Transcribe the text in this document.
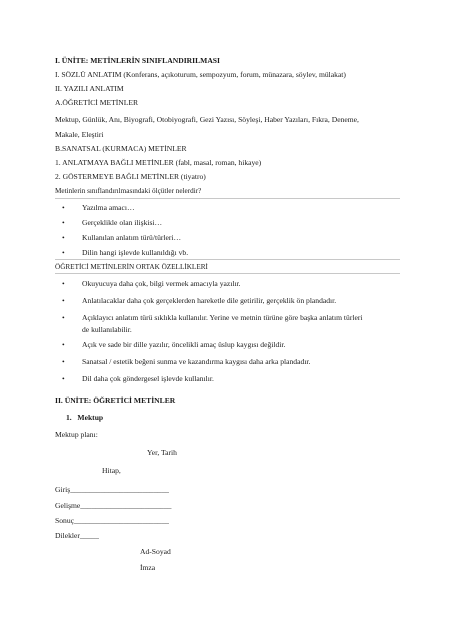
I. ÜNİTE: METİNLERİN SINIFLANDIRILMASI
I. SÖZLÜ ANLATIM (Konferans, açıkoturum, sempozyum, forum, münazara, söylev, mülakat)
II. YAZILI ANLATIM
A.ÖĞRETİCİ METİNLER
Mektup, Günlük, Anı, Biyografi, Otobiyografi, Gezi Yazısı, Söyleşi, Haber Yazıları, Fıkra, Deneme,
Makale, Eleştiri
B.SANATSAL (KURMACA) METİNLER
1. ANLATMAYA BAĞLI METİNLER (fabl, masal, roman, hikaye)
2. GÖSTERMEYE BAĞLI METİNLER (tiyatro)
Metinlerin sınıflandırılmasındaki ölçütler nelerdir?
• Yazılma amacı…
• Gerçeklikle olan ilişkisi…
• Kullanılan anlatım türü/türleri…
• Dilin hangi işlevde kullanıldığı vb.
ÖĞRETİCİ METİNLERİN ORTAK ÖZELLİKLERİ
• Okuyucuya daha çok, bilgi vermek amacıyla yazılır.
• Anlatılacaklar daha çok gerçeklerden hareketle dile getirilir, gerçeklik ön plandadır.
• Açıklayıcı anlatım türü sıklıkla kullanılır. Yerine ve metnin türüne göre başka anlatım türleri
de kullanılabilir.
• Açık ve sade bir dille yazılır, öncelikli amaç üslup kaygısı değildir.
• Sanatsal / estetik beğeni sunma ve kazandırma kaygısı daha arka plandadır.
• Dil daha çok göndergesel işlevde kullanılır.
II. ÜNİTE: ÖĞRETİCİ METİNLER
1. Mektup
Mektup planı:
Yer, Tarih
Hitap,
Giriş__________________________
Gelişme________________________
Sonuç_________________________
Dilekler_____
Ad-Soyad
İmza
